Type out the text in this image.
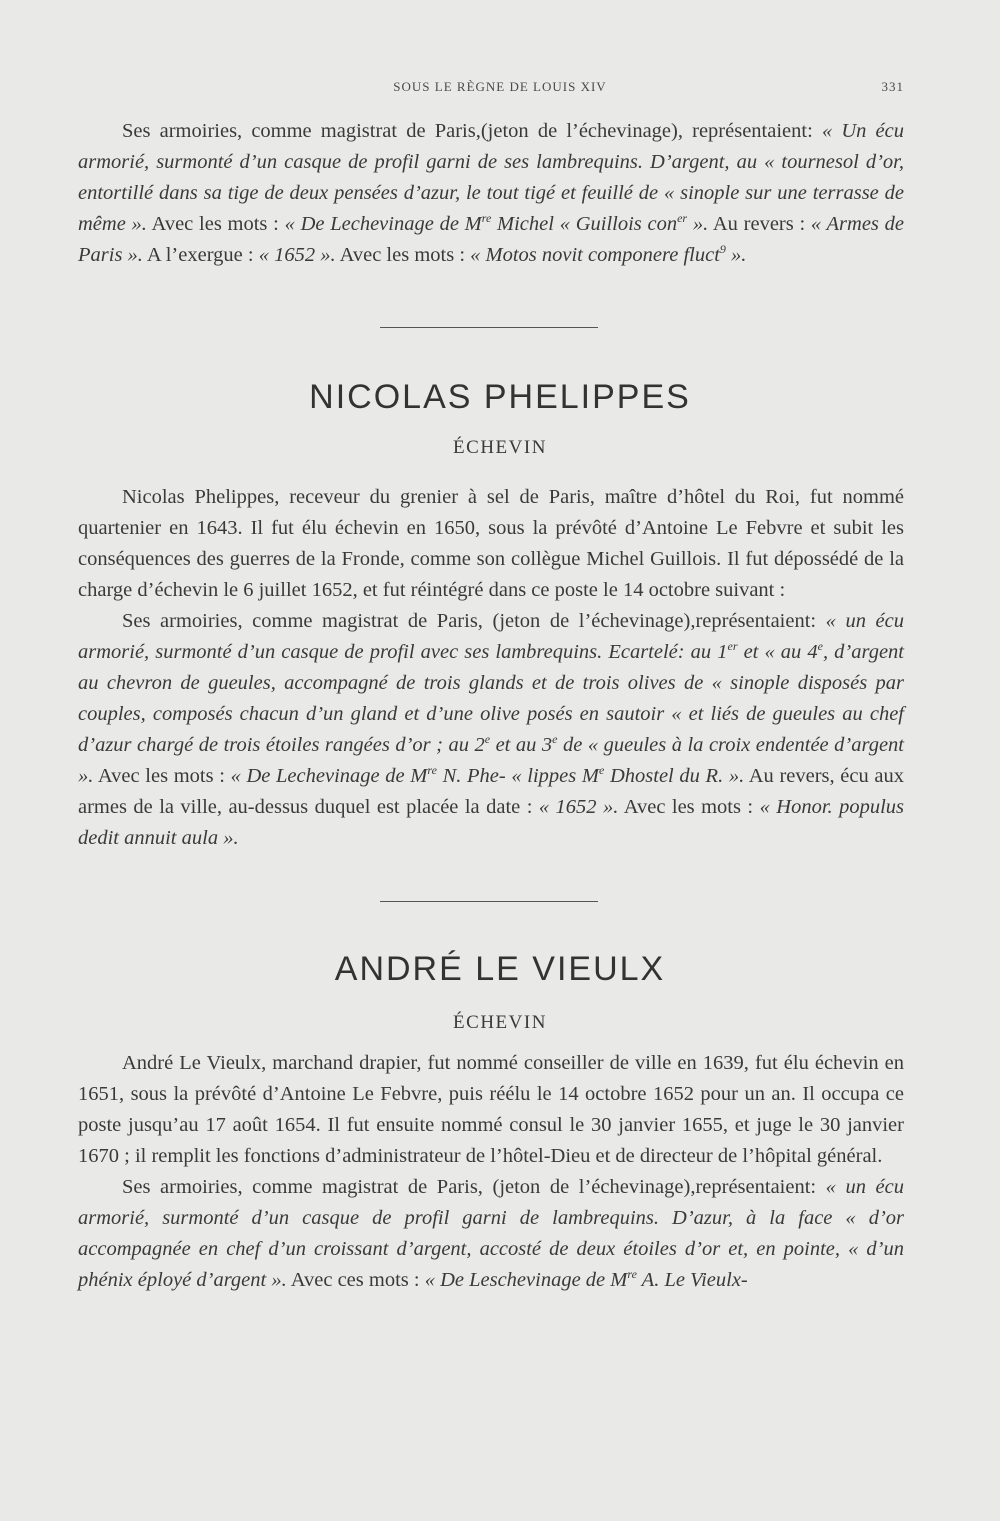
SOUS LE RÈGNE DE LOUIS XIV	331

Ses armoiries, comme magistrat de Paris,(jeton de l’échevinage), représentaient: « Un écu armorié, surmonté d’un casque de profil garni de ses lambrequins. D’argent, au « tournesol d’or, entortillé dans sa tige de deux pensées d’azur, le tout tigé et feuillé de « sinople sur une terrasse de même ». Avec les mots : « De Lechevinage de Mre Michel « Guillois con$^{er}$ ». Au revers : « Armes de Paris ». A l’exergue : « 1652 ». Avec les mots : « Motos novit componere fluct$^9$ ».

NICOLAS PHELIPPES
ÉCHEVIN

Nicolas Phelippes, receveur du grenier à sel de Paris, maître d’hôtel du Roi, fut nommé quartenier en 1643. Il fut élu échevin en 1650, sous la prévôté d’Antoine Le Febvre et subit les conséquences des guerres de la Fronde, comme son collègue Michel Guillois. Il fut dépossédé de la charge d’échevin le 6 juillet 1652, et fut réintégré dans ce poste le 14 octobre suivant :

Ses armoiries, comme magistrat de Paris, (jeton de l’échevinage),représentaient: « un écu armorié, surmonté d’un casque de profil avec ses lambrequins. Ecartelé: au 1er et « au 4e, d’argent au chevron de gueules, accompagné de trois glands et de trois olives de « sinople disposés par couples, composés chacun d’un gland et d’une olive posés en sautoir « et liés de gueules au chef d’azur chargé de trois étoiles rangées d’or ; au 2e et au 3e de « gueules à la croix endentée d’argent ». Avec les mots : « De Lechevinage de Mre N. Phe- « lippes Me Dhostel du R. ». Au revers, écu aux armes de la ville, au-dessus duquel est placée la date : « 1652 ». Avec les mots : « Honor. populus dedit annuit aula ».

ANDRÉ LE VIEULX
ÉCHEVIN

André Le Vieulx, marchand drapier, fut nommé conseiller de ville en 1639, fut élu échevin en 1651, sous la prévôté d’Antoine Le Febvre, puis réélu le 14 octobre 1652 pour un an. Il occupa ce poste jusqu’au 17 août 1654. Il fut ensuite nommé consul le 30 janvier 1655, et juge le 30 janvier 1670 ; il remplit les fonctions d’administrateur de l’hôtel-Dieu et de directeur de l’hôpital général.

Ses armoiries, comme magistrat de Paris, (jeton de l’échevinage),représentaient: « un écu armorié, surmonté d’un casque de profil garni de lambrequins. D’azur, à la face « d’or accompagnée en chef d’un croissant d’argent, accosté de deux étoiles d’or et, en pointe, « d’un phénix éployé d’argent ». Avec ces mots : « De Leschevinage de Mre A. Le Vieulx-
